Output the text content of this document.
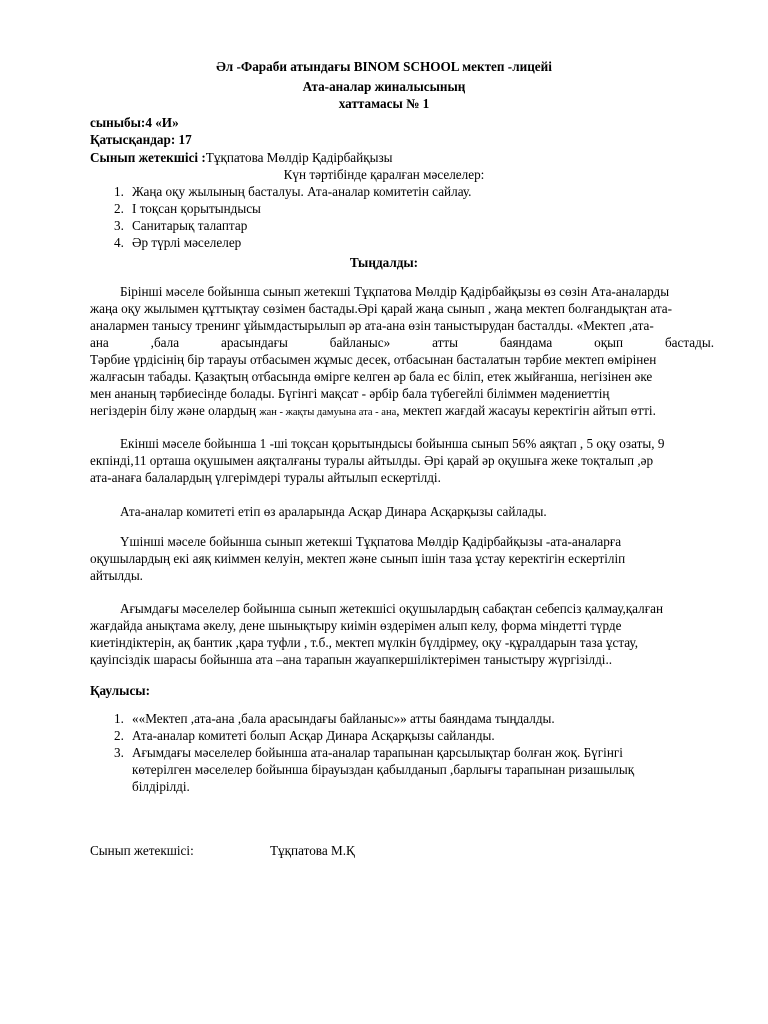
Әл -Фараби атындағы BINOM SCHOOL мектеп -лицейі
Ата-аналар жиналысының
хаттамасы № 1
сыныбы:4 «И»
Қатысқандар: 17
Сынып жетекшісі :Тұқпатова Мөлдір Қадірбайқызы
Күн тәртібінде қаралған мәселелер:
1. Жаңа оқу жылының басталуы. Ата-аналар комитетін сайлау.
2. I тоқсан қорытындысы
3. Санитарық талаптар
4. Әр түрлі мәселелер
Тыңдалды:
Бірінші мәселе бойынша сынып жетекші Тұқпатова Мөлдір Қадірбайқызы өз сөзін Ата-аналарды
жаңа оқу жылымен құттықтау сөзімен бастады.Әрі қарай жаңа сынып , жаңа мектеп болғандықтан ата-
аналармен танысу тренинг ұйымдастырылып әр ата-ана өзін таныстырудан басталды. «Мектеп ,ата-
ана	,бала	арасындағы	байланыс»	атты	баяндама	оқып	бастады.
Тәрбие үрдісінің бір тарауы отбасымен жұмыс десек, отбасынан басталатын тәрбие мектеп өмірінен
жалғасын табады. Қазақтың отбасында өмірге келген әр бала ес біліп, етек жыйғанша, негізінен әке
мен ананың тәрбиесінде болады. Бүгінгі мақсат - әрбір бала түбегейлі біліммен мәдениеттің
негіздерін білу және олардың жан - жақты дамуына ата - ана, мектеп жағдай жасауы керектігін айтып өтті.
Екінші мәселе бойынша 1 -ші тоқсан қорытындысы бойынша сынып 56% аяқтап , 5 оқу озаты, 9
екпінді,11 орташа оқушымен аяқталғаны туралы айтылды. Әрі қарай әр оқушыға жеке тоқталып ,әр
ата-анаға балалардың үлгерімдері туралы айтылып ескертілді.
Ата-аналар комитеті етіп өз араларында Асқар Динара Асқарқызы сайлады.
Үшінші мәселе бойынша сынып жетекші Тұқпатова Мөлдір Қадірбайқызы -ата-аналарға
оқушылардың екі аяқ киіммен келуін, мектеп және сынып ішін таза ұстау керектігін ескертіліп
айтылды.
Ағымдағы мәселелер бойынша сынып жетекшісі оқушылардың сабақтан себепсіз қалмау,қалған
жағдайда анықтама әкелу, дене шынықтыру киімін өздерімен алып келу, форма міндетті түрде
киетіндіктерін, ақ бантик ,қара туфли , т.б., мектеп мүлкін бүлдірмеу, оқу -құралдарын таза ұстау,
қауіпсіздік шарасы бойынша ата –ана тарапын жауапкершіліктерімен таныстыру жүргізілді..
Қаулысы:
1. ««Мектеп ,ата-ана ,бала арасындағы байланыс»» атты баяндама тыңдалды.
2. Ата-аналар комитеті болып Асқар Динара Асқарқызы сайланды.
3. Ағымдағы мәселелер бойынша ата-аналар тарапынан қарсылықтар болған жоқ. Бүгінгі
көтерілген мәселелер бойынша бірауыздан қабылданып ,барлығы тарапынан ризашылық
білдірілді.
Сынып жетекшісі:	Тұқпатова М.Қ
